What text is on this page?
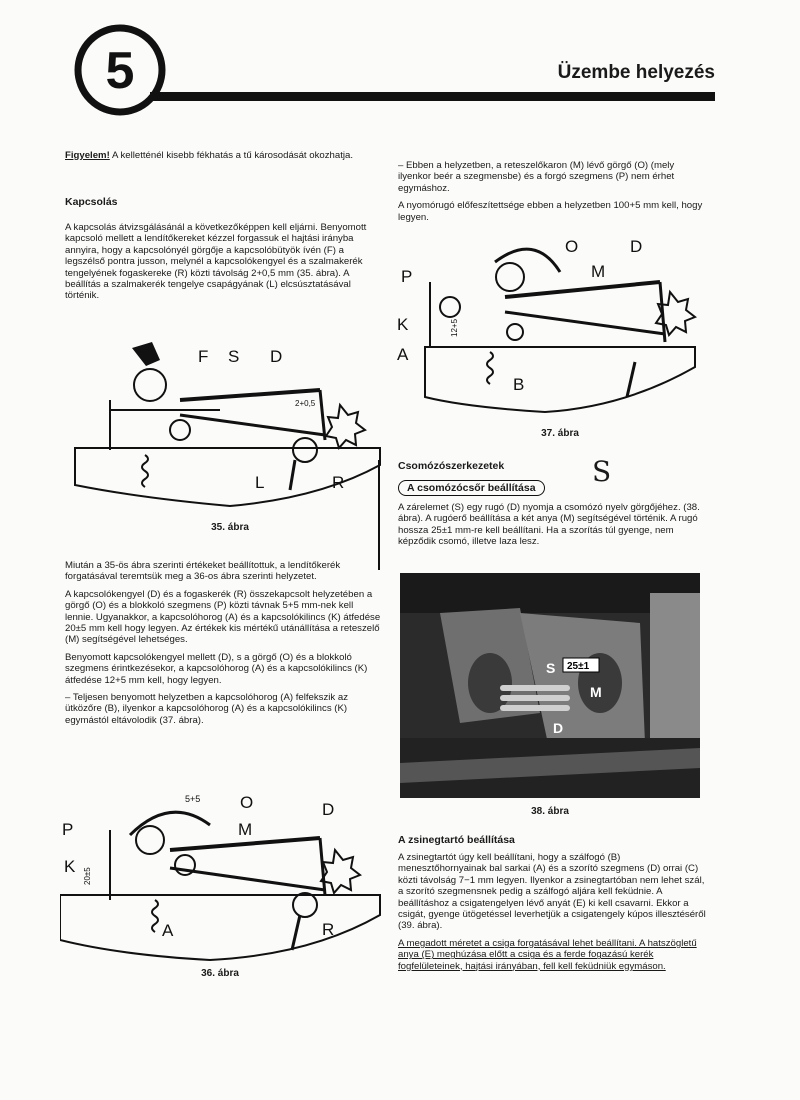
5	Üzembe helyezés

Figyelem! A kelletténél kisebb fékhatás a tű károsodását okozhatja.

Kapcsolás

A kapcsolás átvizsgálásánál a következőképpen kell eljárni. Benyomott kapcsoló mellett a lendítőkereket kézzel forgassuk el hajtási irányba annyira, hogy a kapcsolónyél görgője a kapcsolóbütyök ívén (F) a legszélső pontra jusson, melynél a kapcsolókengyel és a szalmakerék tengelyének fogaskereke (R) közti távolság 2+0,5 mm (35. ábra). A beállítás a szalmakerék tengelye csapágyának (L) elcsúsztatásával történik.

F S D
L	R
2+0,5
35. ábra

Miután a 35-ös ábra szerinti értékeket beállítottuk, a lendítőkerék forgatásával teremtsük meg a 36-os ábra szerinti helyzetet.

A kapcsolókengyel (D) és a fogaskerék (R) összekapcsolt helyzetében a görgő (O) és a blokkoló szegmens (P) közti távnak 5+5 mm-nek kell lennie. Ugyanakkor, a kapcsolóhorog (A) és a kapcsolókilincs (K) átfedése 20±5 mm kell hogy legyen. Az értékek kis mértékű utánállítása a reteszelő (M) segítségével lehetséges.

Benyomott kapcsolókengyel mellett (D), s a görgő (O) és a blokkoló szegmens érintkezésekor, a kapcsolóhorog (A) és a kapcsolókilincs (K) átfedése 12+5 mm kell, hogy legyen.

– Teljesen benyomott helyzetben a kapcsolóhorog (A) felfekszik az ütközőre (B), ilyenkor a kapcsolóhorog (A) és a kapcsolókilincs (K) egymástól eltávolodik (37. ábra).

O
M
D
P
K
A	R
5+5
20±5
36. ábra

– Ebben a helyzetben, a reteszelőkaron (M) lévő görgő (O) (mely ilyenkor beér a szegmensbe) és a forgó szegmens (P) nem érhet egymáshoz.

A nyomórugó előfeszítettsége ebben a helyzetben 100+5 mm kell, hogy legyen.

O	D
P	M
K
A
B
12+5
37. ábra

Csomózószerkezetek

A csomózócsőr beállítása

A zárelemet (S) egy rugó (D) nyomja a csomózó nyelv görgőjéhez. (38. ábra). A rugóerő beállítása a két anya (M) segítségével történik. A rugó hossza 25±1 mm-re kell beállítani. Ha a szorítás túl gyenge, nem képződik csomó, illetve laza lesz.

S
25±1
S
M
D
38. ábra

A zsinegtartó beállítása

A zsinegtartót úgy kell beállítani, hogy a szálfogó (B) menesztőhornyainak bal sarkai (A) és a szorító szegmens (D) orrai (C) közti távolság 7−1 mm legyen. Ilyenkor a zsinegtartóban nem lehet szál, a szorító szegmensnek pedig a szálfogó aljára kell feküdnie. A beállításhoz a csigatengelyen lévő anyát (E) ki kell csavarni. Ekkor a csigát, gyenge ütögetéssel leverhetjük a csigatengely kúpos illesztéséről (39. ábra).

A megadott méretet a csiga forgatásával lehet beállítani. A hatszögletű anya (E) meghúzása előtt a csiga és a ferde fogazású kerék fogfelületeinek, hajtási irányában, fell kell feküdniük egymáson.
